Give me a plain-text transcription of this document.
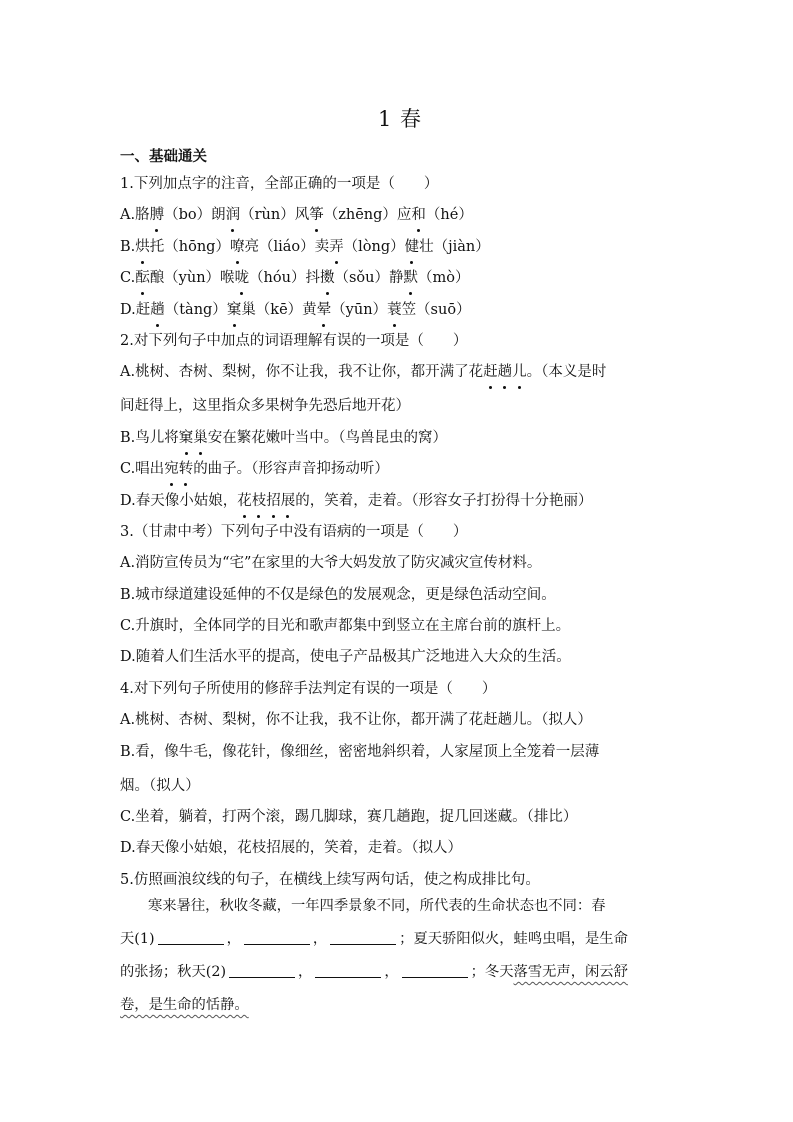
1 春
一、基础通关
1.下列加点字的注音，全部正确的一项是（　　）
A.胳膊（bo）朗润（rùn）风筝（zhēng）应和（hé）
B.烘托（hōng）嘹亮（liáo）卖弄（lòng）健壮（jiàn）
C.酝酿（yùn）喉咙（hóu）抖擞（sǒu）静默（mò）
D.赶趟（tàng）窠巢（kē）黄晕（yūn）蓑笠（suō）
2.对下列句子中加点的词语理解有误的一项是（　　）
A.桃树、杏树、梨树，你不让我，我不让你，都开满了花赶趟儿。（本义是时
间赶得上，这里指众多果树争先恐后地开花）
B.鸟儿将窠巢安在繁花嫩叶当中。（鸟兽昆虫的窝）
C.唱出宛转的曲子。（形容声音抑扬动听）
D.春天像小姑娘，花枝招展的，笑着，走着。（形容女子打扮得十分艳丽）
3.（甘肃中考）下列句子中没有语病的一项是（　　）
A.消防宣传员为“宅”在家里的大爷大妈发放了防灾减灾宣传材料。
B.城市绿道建设延伸的不仅是绿色的发展观念，更是绿色活动空间。
C.升旗时，全体同学的目光和歌声都集中到竖立在主席台前的旗杆上。
D.随着人们生活水平的提高，使电子产品极其广泛地进入大众的生活。
4.对下列句子所使用的修辞手法判定有误的一项是（　　）
A.桃树、杏树、梨树，你不让我，我不让你，都开满了花赶趟儿。（拟人）
B.看，像牛毛，像花针，像细丝，密密地斜织着，人家屋顶上全笼着一层薄
烟。（拟人）
C.坐着，躺着，打两个滚，踢几脚球，赛几趟跑，捉几回迷藏。（排比）
D.春天像小姑娘，花枝招展的，笑着，走着。（拟人）
5.仿照画浪纹线的句子，在横线上续写两句话，使之构成排比句。
寒来暑往，秋收冬藏，一年四季景象不同，所代表的生命状态也不同：春
天(1)	，	，	；夏天骄阳似火，蛙鸣虫唱，是生命
的张扬；秋天(2)	，	，	；冬天落雪无声，闲云舒
卷，是生命的恬静。
